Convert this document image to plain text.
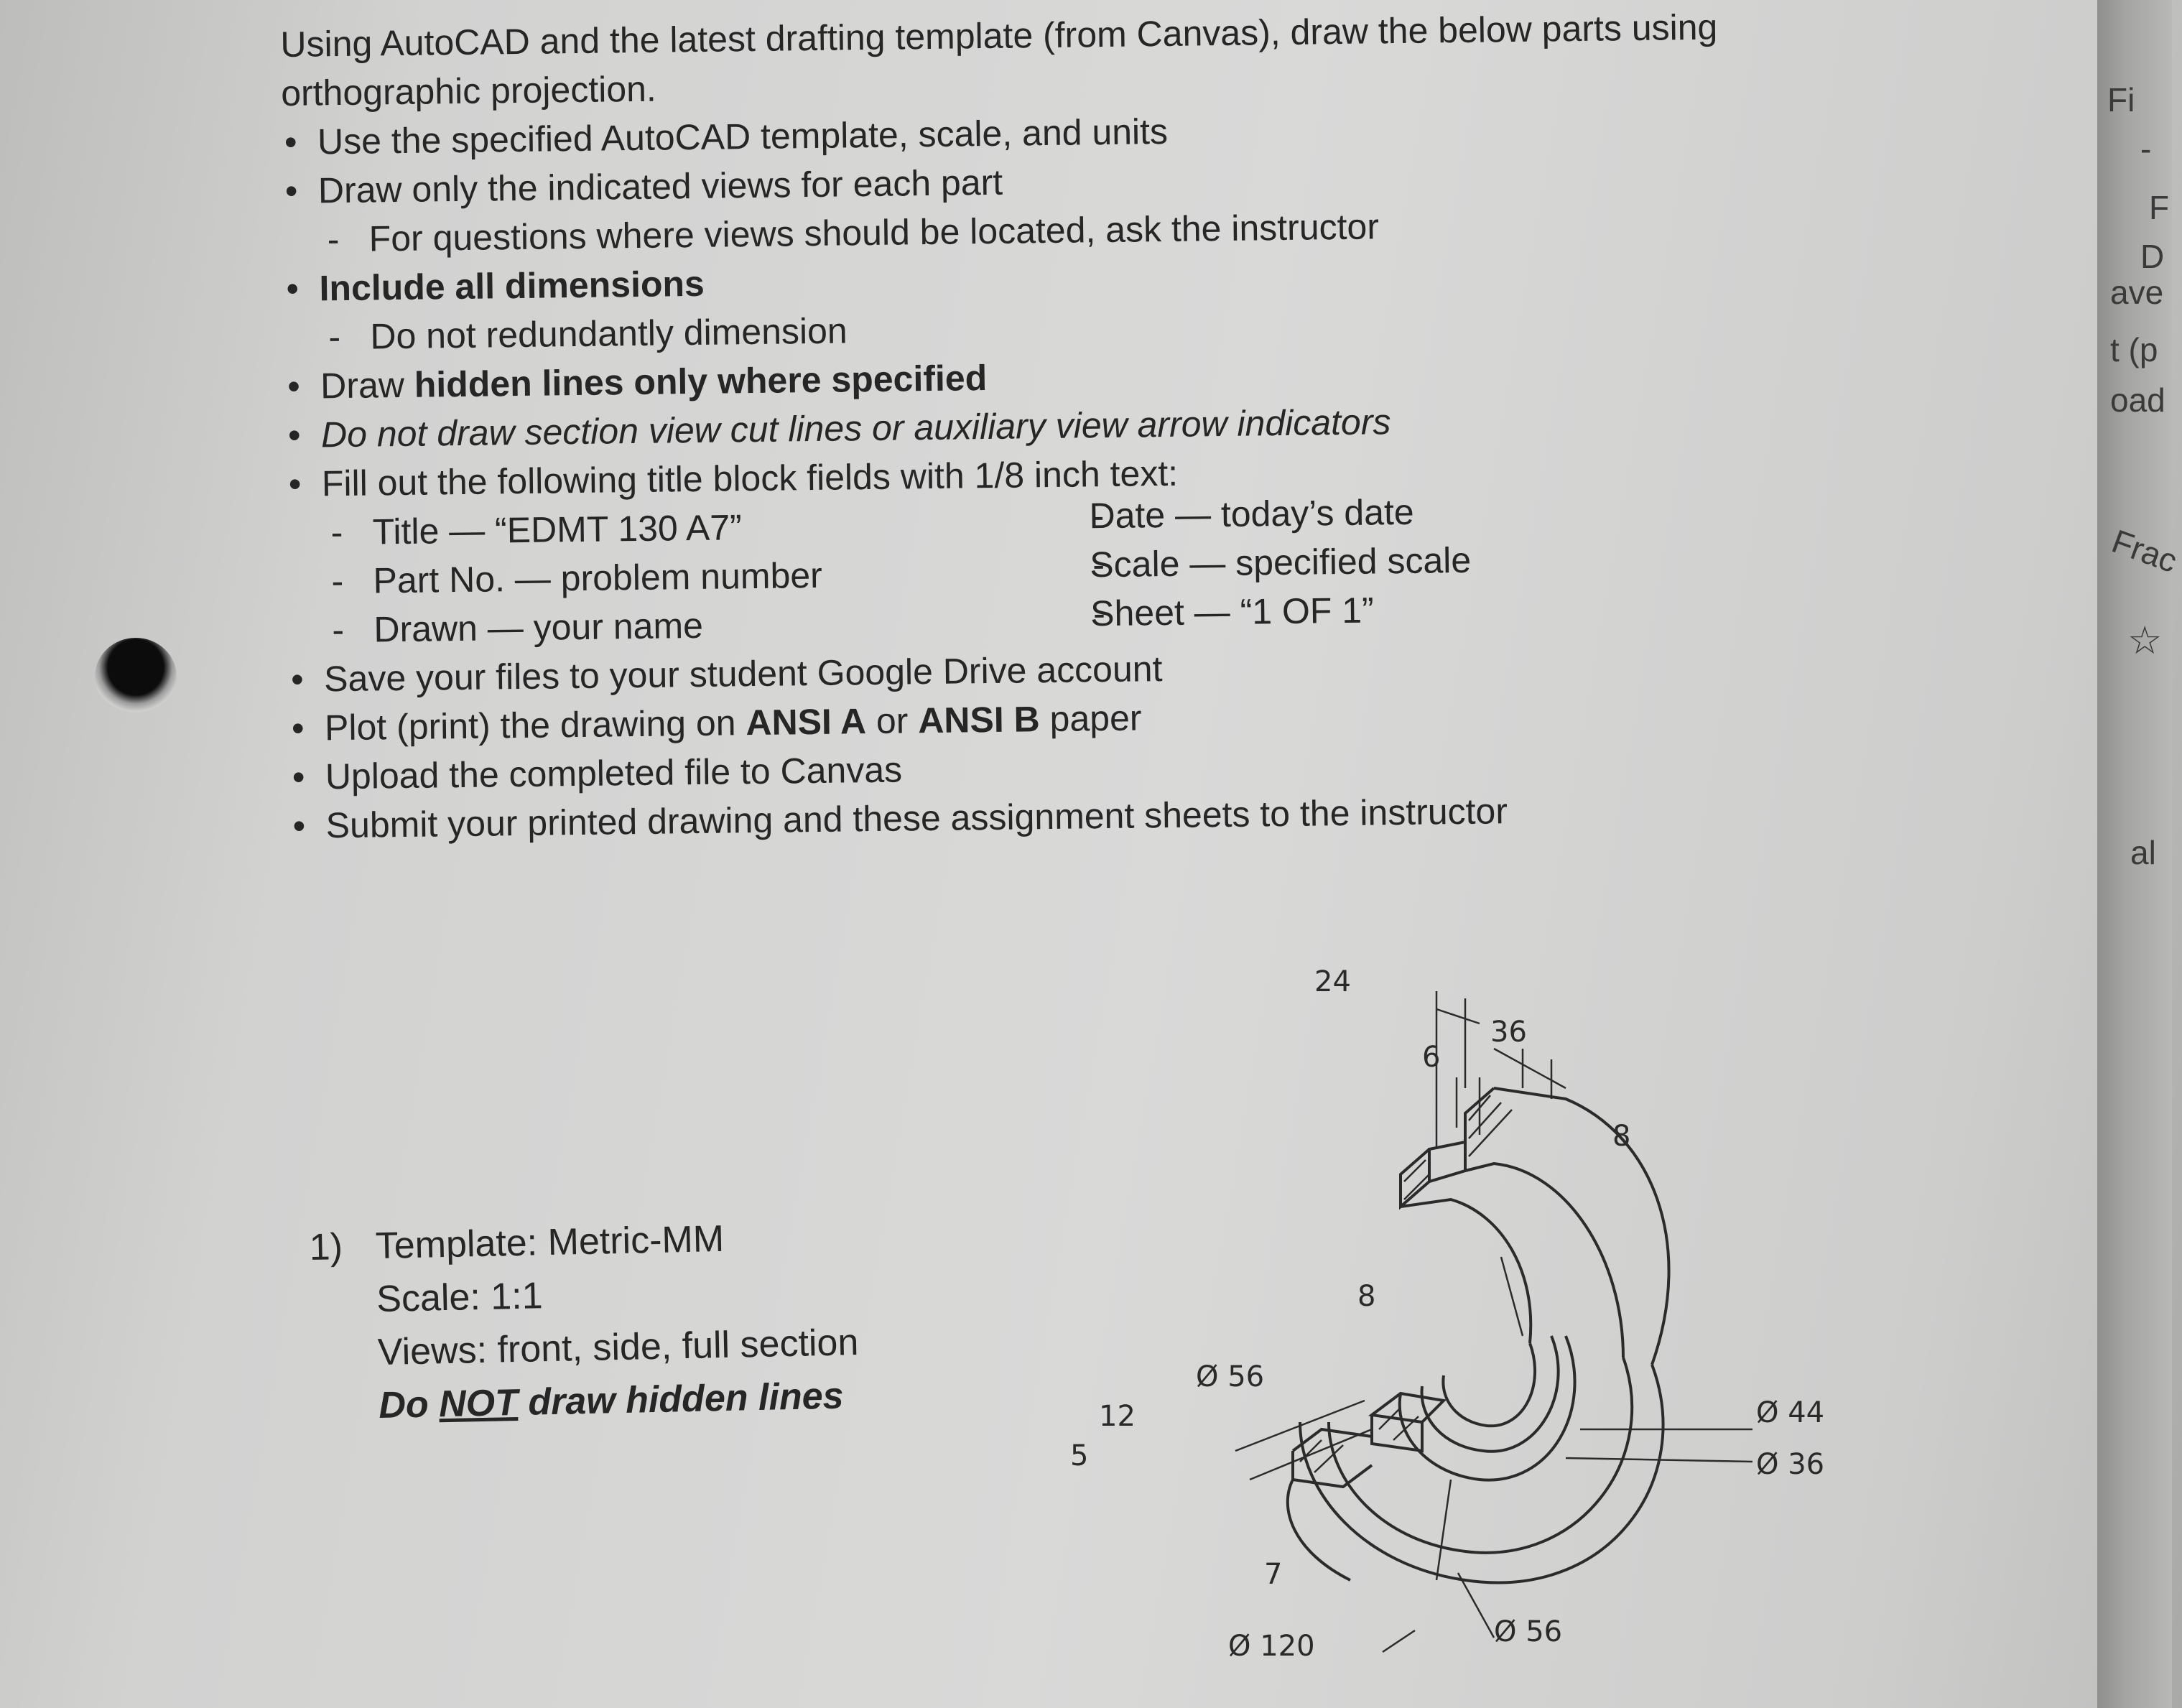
Fi
-
F
D
ave
t (p
oad
Frac
al
☆
Using AutoCAD and the latest drafting template (from Canvas), draw the below parts using
orthographic projection.
• Use the specified AutoCAD template, scale, and units
• Draw only the indicated views for each part
- For questions where views should be located, ask the instructor
• Include all dimensions
- Do not redundantly dimension
• Draw hidden lines only where specified
• Do not draw section view cut lines or auxiliary view arrow indicators
• Fill out the following title block fields with 1/8 inch text:
- Title — “EDMT 130 A7”
- Part No. — problem number
- Drawn — your name
- Date — today’s date
- Scale — specified scale
- Sheet — “1 OF 1”
• Save your files to your student Google Drive account
• Plot (print) the drawing on ANSI A or ANSI B paper
• Upload the completed file to Canvas
• Submit your printed drawing and these assignment sheets to the instructor
1) Template: Metric-MM
Scale: 1:1
Views: front, side, full section
Do NOT draw hidden lines
24
36
6
8
8
Ø 56
12
5
Ø 44
Ø 36
7
Ø 120	Ø 56
